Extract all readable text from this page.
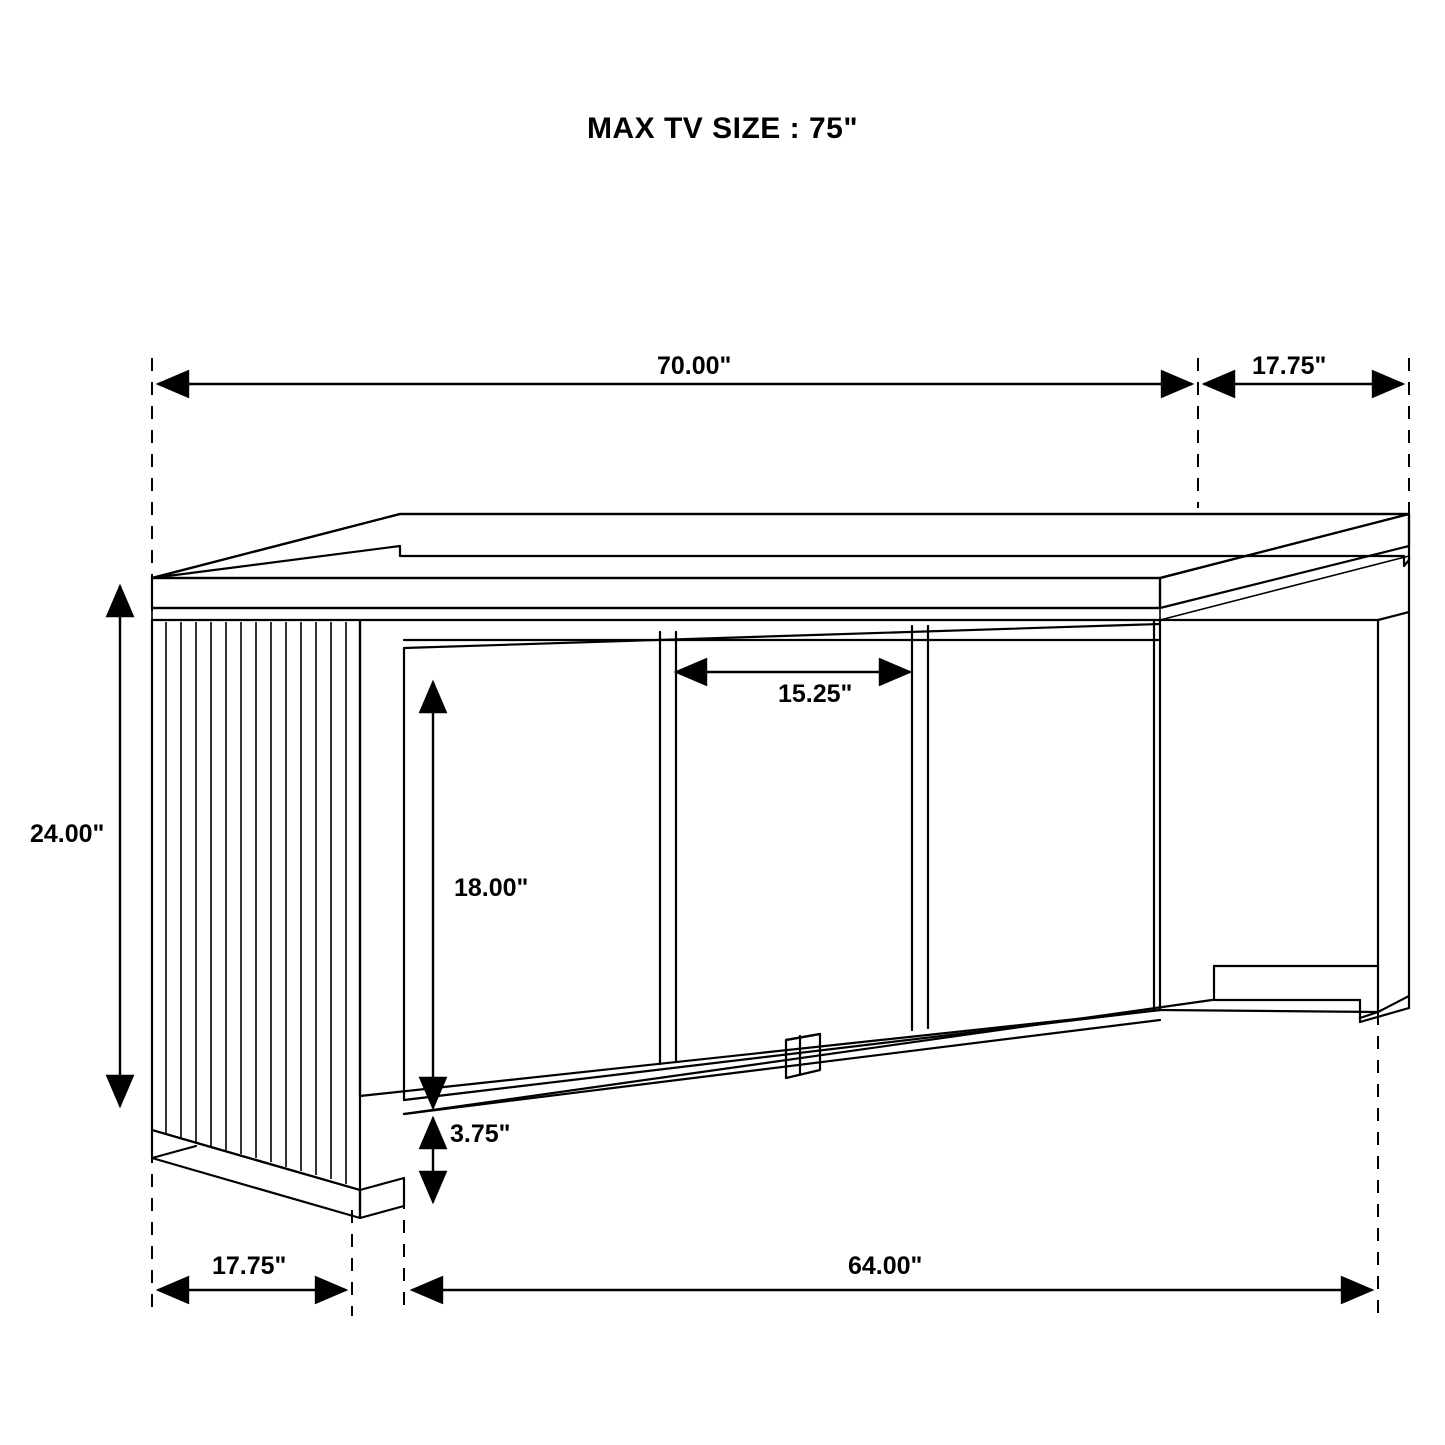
MAX TV SIZE : 75"
70.00"	17.75"
24.00"
18.00"
15.25"
3.75"
17.75"	64.00"
